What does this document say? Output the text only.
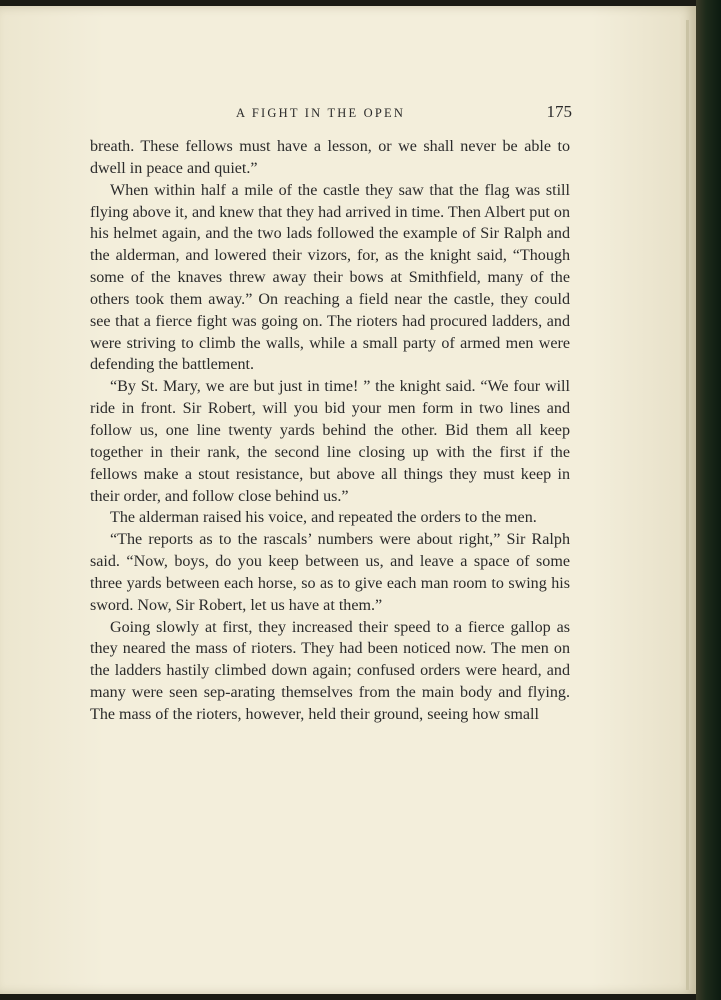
A FIGHT IN THE OPEN	175

breath. These fellows must have a lesson, or we shall never be able to dwell in peace and quiet.”

When within half a mile of the castle they saw that the flag was still flying above it, and knew that they had arrived in time. Then Albert put on his helmet again, and the two lads followed the example of Sir Ralph and the alderman, and lowered their vizors, for, as the knight said, “Though some of the knaves threw away their bows at Smithfield, many of the others took them away.” On reaching a field near the castle, they could see that a fierce fight was going on. The rioters had procured ladders, and were striving to climb the walls, while a small party of armed men were defending the battlement.

“By St. Mary, we are but just in time! ” the knight said. “We four will ride in front. Sir Robert, will you bid your men form in two lines and follow us, one line twenty yards behind the other. Bid them all keep together in their rank, the second line closing up with the first if the fellows make a stout resistance, but above all things they must keep in their order, and follow close behind us.”

The alderman raised his voice, and repeated the orders to the men.

“The reports as to the rascals’ numbers were about right,” Sir Ralph said. “Now, boys, do you keep between us, and leave a space of some three yards between each horse, so as to give each man room to swing his sword. Now, Sir Robert, let us have at them.”

Going slowly at first, they increased their speed to a fierce gallop as they neared the mass of rioters. They had been noticed now. The men on the ladders hastily climbed down again; confused orders were heard, and many were seen sep-arating themselves from the main body and flying. The mass of the rioters, however, held their ground, seeing how small
